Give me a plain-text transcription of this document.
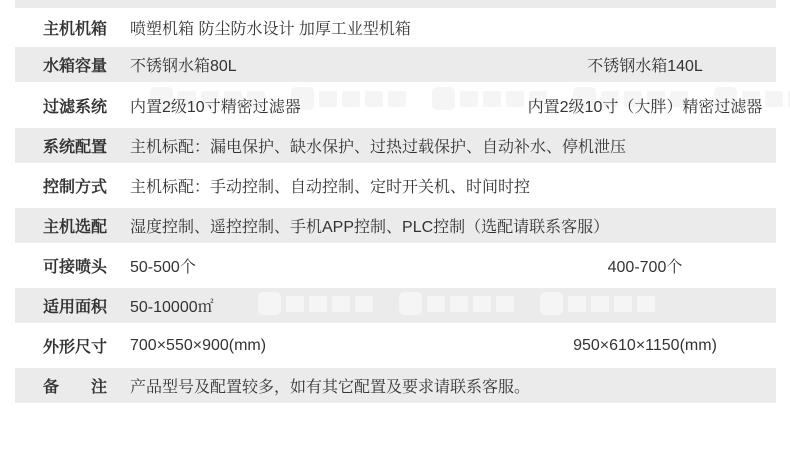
主机机箱 喷塑机箱 防尘防水设计 加厚工业型机箱
水箱容量 不锈钢水箱80L	不锈钢水箱140L
过滤系统 内置2级10寸精密过滤器	内置2级10寸（大胖）精密过滤器
系统配置 主机标配：漏电保护、缺水保护、过热过载保护、自动补水、停机泄压
控制方式 主机标配：手动控制、自动控制、定时开关机、时间时控
主机选配 湿度控制、遥控控制、手机APP控制、PLC控制（选配请联系客服）
可接喷头 50-500个	400-700个
适用面积 50-10000㎡
外形尺寸 700×550×900(mm)	950×610×1150(mm)
备 注 产品型号及配置较多，如有其它配置及要求请联系客服。
